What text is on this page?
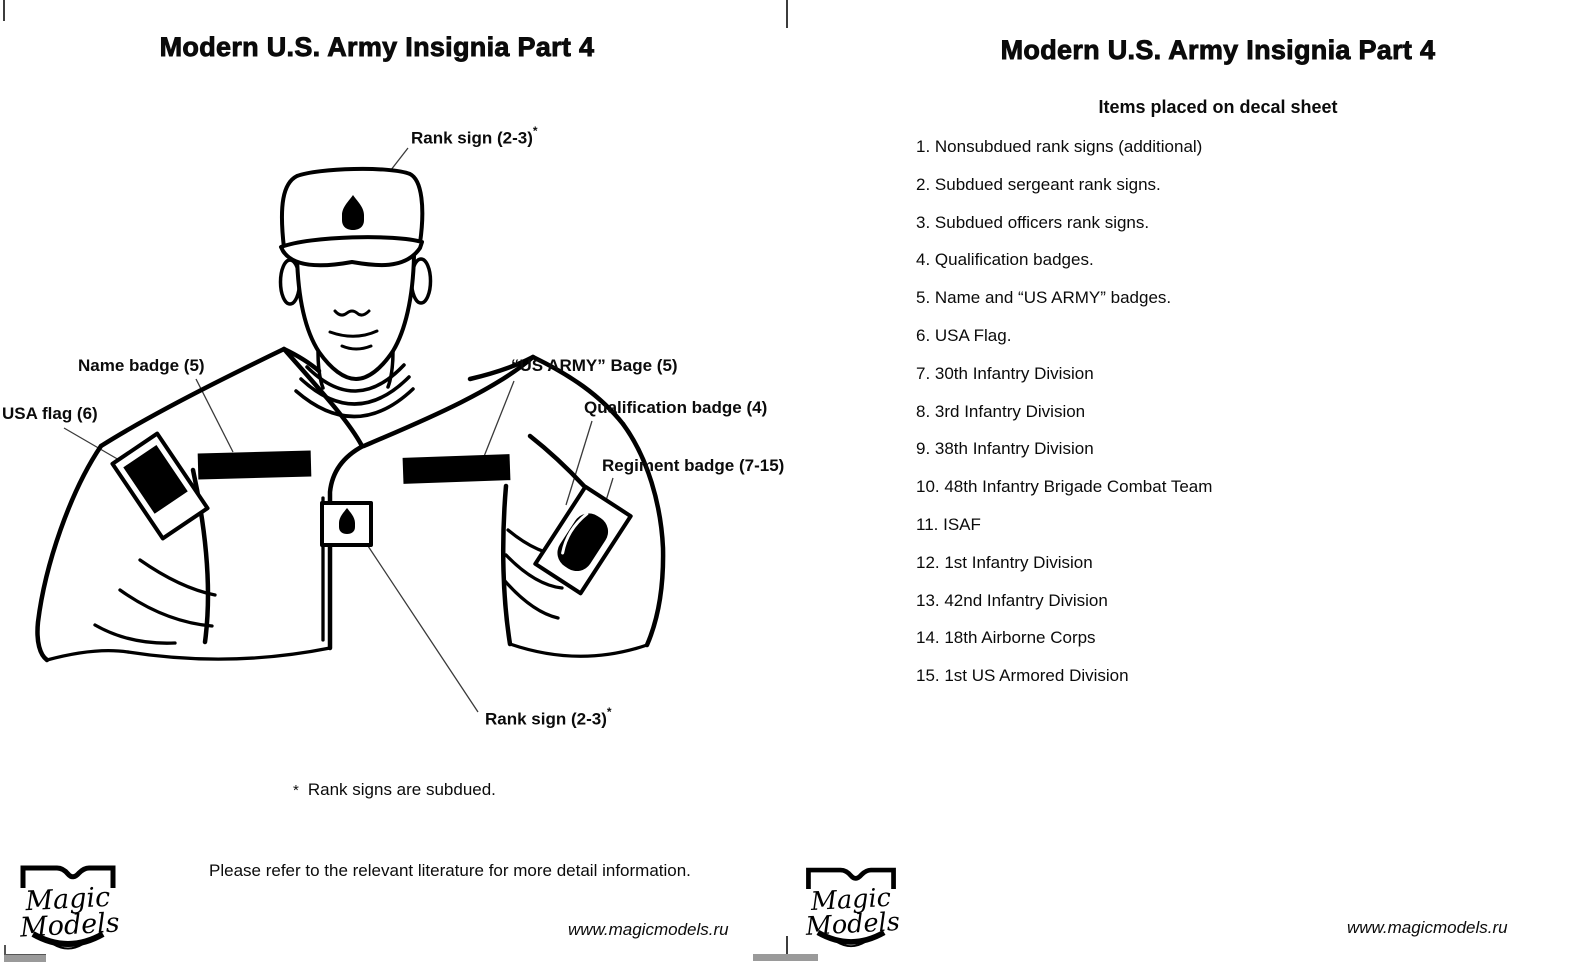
Modern U.S. Army Insignia Part 4
Rank sign (2-3)*
Name badge (5)
USA flag (6)
“US ARMY” Bage (5)
Qualification badge (4)
Regiment badge (7-15)
Rank sign (2-3)*
* Rank signs are subdued.
Please refer to the relevant literature for more detail information.
www.magicmodels.ru
Magic
Models
Modern U.S. Army Insignia Part 4
Items placed on decal sheet
1. Nonsubdued rank signs (additional)
2. Subdued sergeant rank signs.
3. Subdued officers rank signs.
4. Qualification badges.
5. Name and “US ARMY” badges.
6. USA Flag.
7. 30th Infantry Division
8. 3rd Infantry Division
9. 38th Infantry Division
10. 48th Infantry Brigade Combat Team
11. ISAF
12. 1st Infantry Division
13. 42nd Infantry Division
14. 18th Airborne Corps
15. 1st US Armored Division
Magic
Models	www.magicmodels.ru
